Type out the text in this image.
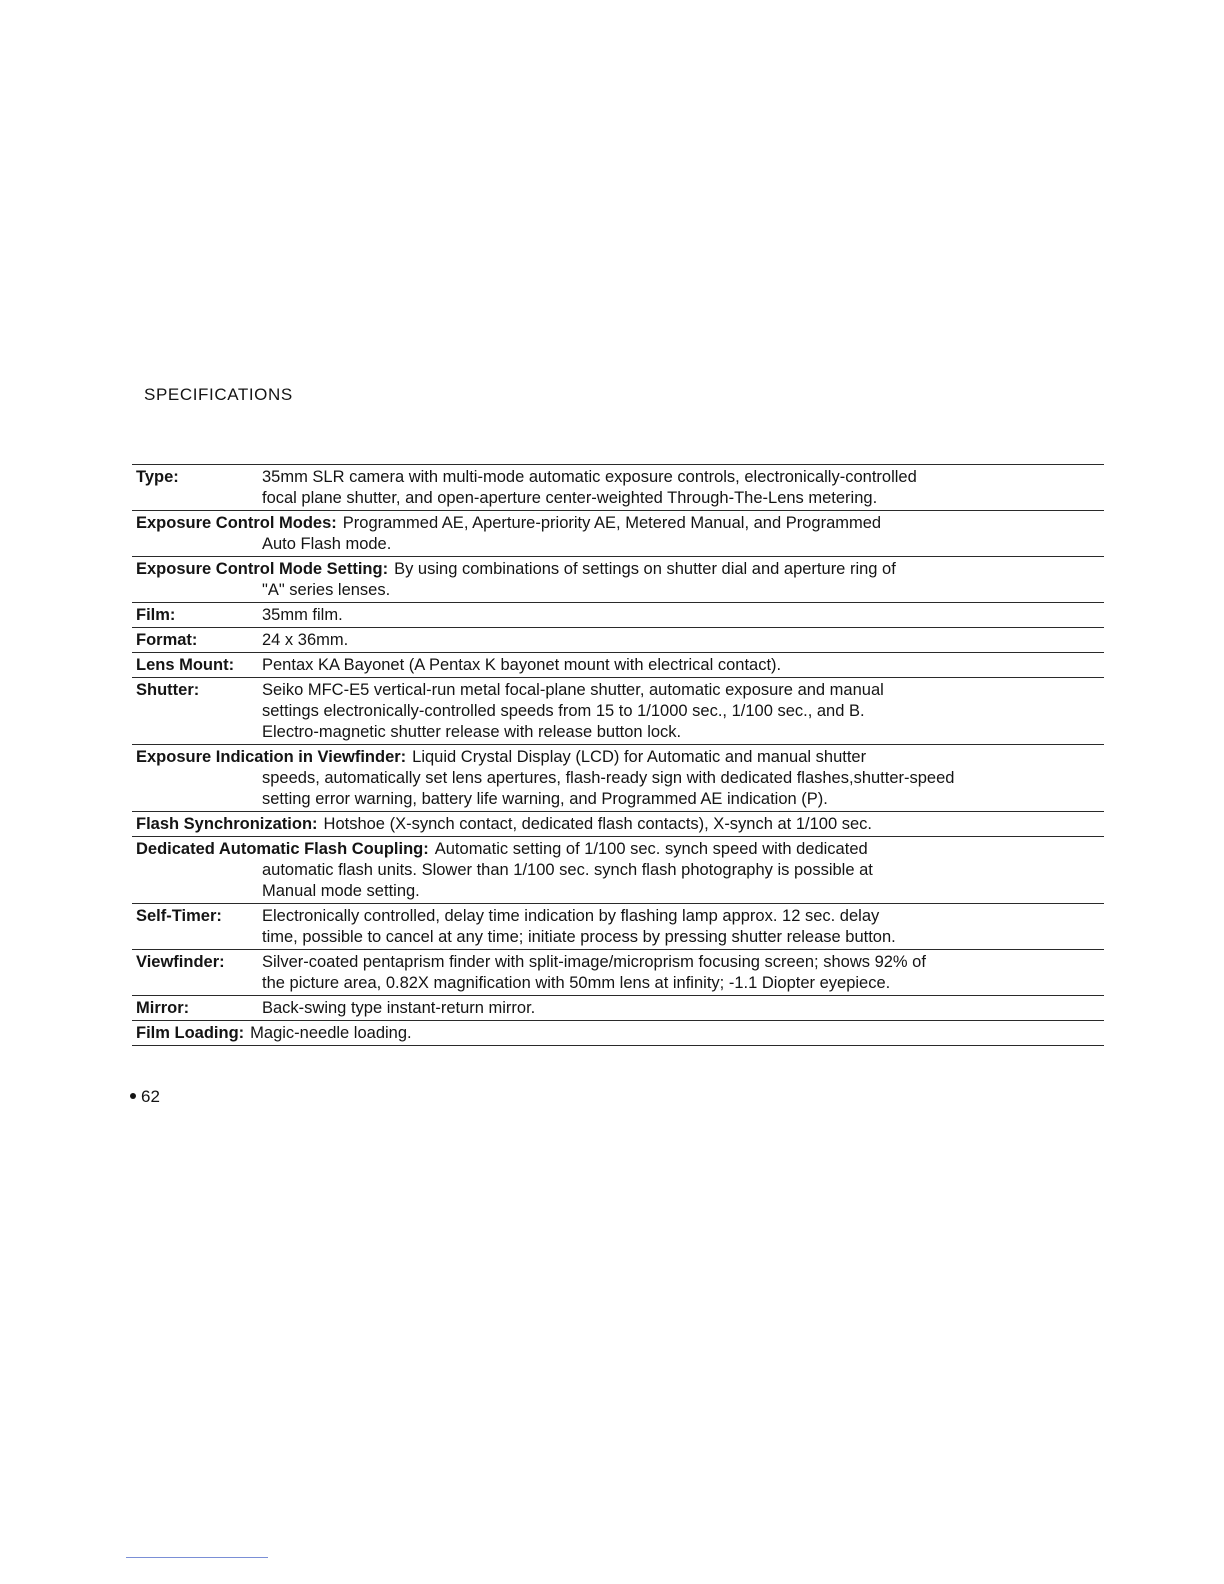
SPECIFICATIONS
Type:	35mm SLR camera with multi-mode automatic exposure controls, electronically-controlled
focal plane shutter, and open-aperture center-weighted Through-The-Lens metering.
Exposure Control Modes: Programmed AE, Aperture-priority AE, Metered Manual, and Programmed
Auto Flash mode.
Exposure Control Mode Setting: By using combinations of settings on shutter dial and aperture ring of
"A" series lenses.
Film:	35mm film.
Format:	24 x 36mm.
Lens Mount: Pentax KA Bayonet (A Pentax K bayonet mount with electrical contact).
Shutter:	Seiko MFC-E5 vertical-run metal focal-plane shutter, automatic exposure and manual
settings electronically-controlled speeds from 15 to 1/1000 sec., 1/100 sec., and B.
Electro-magnetic shutter release with release button lock.
Exposure Indication in Viewfinder: Liquid Crystal Display (LCD) for Automatic and manual shutter
speeds, automatically set lens apertures, flash-ready sign with dedicated flashes,shutter-speed
setting error warning, battery life warning, and Programmed AE indication (P).
Flash Synchronization: Hotshoe (X-synch contact, dedicated flash contacts), X-synch at 1/100 sec.
Dedicated Automatic Flash Coupling: Automatic setting of 1/100 sec. synch speed with dedicated
automatic flash units. Slower than 1/100 sec. synch flash photography is possible at
Manual mode setting.
Self-Timer: Electronically controlled, delay time indication by flashing lamp approx. 12 sec. delay
time, possible to cancel at any time; initiate process by pressing shutter release button.
Viewfinder: Silver-coated pentaprism finder with split-image/microprism focusing screen; shows 92% of
the picture area, 0.82X magnification with 50mm lens at infinity; -1.1 Diopter eyepiece.
Mirror:	Back-swing type instant-return mirror.
Film Loading: Magic-needle loading.
62
